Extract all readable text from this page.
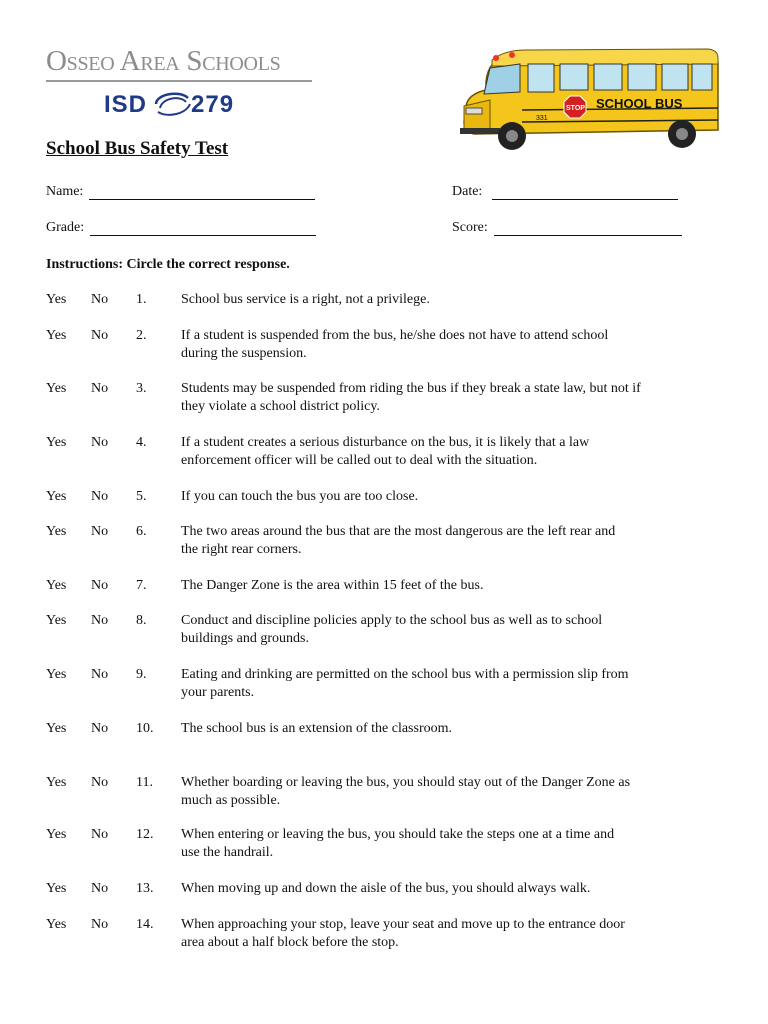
Osseo Area Schools
ISD 279	SCHOOL BUS
STOP
331
School Bus Safety Test
Name:	Date:
Grade:	Score:
Instructions: Circle the correct response.
Yes No 1. School bus service is a right, not a privilege.
Yes No 2. If a student is suspended from the bus, he/she does not have to attend school during the suspension.
Yes No 3. Students may be suspended from riding the bus if they break a state law, but not if they violate a school district policy.
Yes No 4. If a student creates a serious disturbance on the bus, it is likely that a law enforcement officer will be called out to deal with the situation.
Yes No 5. If you can touch the bus you are too close.
Yes No 6. The two areas around the bus that are the most dangerous are the left rear and the right rear corners.
Yes No 7. The Danger Zone is the area within 15 feet of the bus.
Yes No 8. Conduct and discipline policies apply to the school bus as well as to school buildings and grounds.
Yes No 9. Eating and drinking are permitted on the school bus with a permission slip from your parents.
Yes No 10. The school bus is an extension of the classroom.
Yes No 11. Whether boarding or leaving the bus, you should stay out of the Danger Zone as much as possible.
Yes No 12. When entering or leaving the bus, you should take the steps one at a time and use the handrail.
Yes No 13. When moving up and down the aisle of the bus, you should always walk.
Yes No 14. When approaching your stop, leave your seat and move up to the entrance door area about a half block before the stop.
